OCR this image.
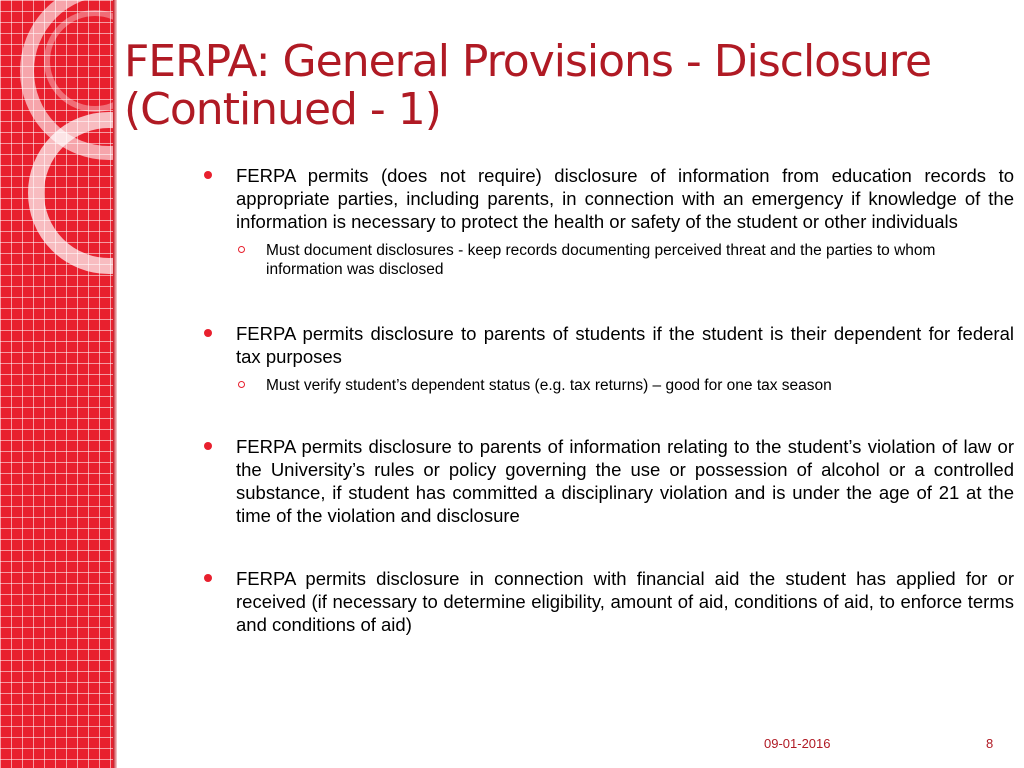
FERPA: General Provisions - Disclosure
(Continued - 1)
FERPA permits (does not require) disclosure of information from education records to appropriate parties, including parents, in connection with an emergency if knowledge of the information is necessary to protect the health or safety of the student or other individuals
Must document disclosures - keep records documenting perceived threat and the parties to whom information was disclosed
FERPA permits disclosure to parents of students if the student is their dependent for federal tax purposes
Must verify student’s dependent status (e.g. tax returns) – good for one tax season
FERPA permits disclosure to parents of information relating to the student’s violation of law or the University’s rules or policy governing the use or possession of alcohol or a controlled substance, if student has committed a disciplinary violation and is under the age of 21 at the time of the violation and disclosure
FERPA permits disclosure in connection with financial aid the student has applied for or received (if necessary to determine eligibility, amount of aid, conditions of aid, to enforce terms and conditions of aid)
09-01-2016	8
